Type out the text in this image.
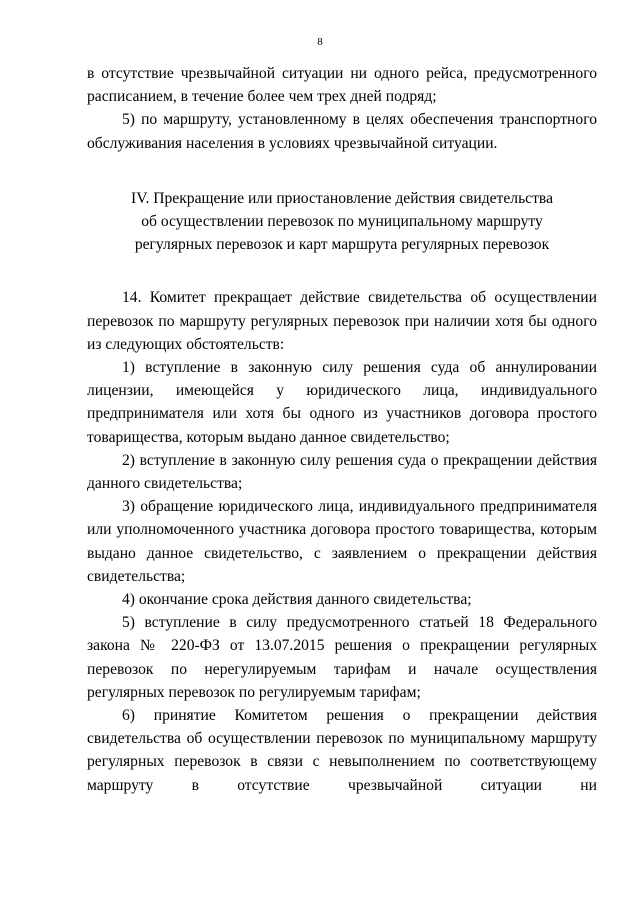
8

в отсутствие чрезвычайной ситуации ни одного рейса, предусмотренного

расписанием, в течение более чем трех дней подряд;

5) по маршруту, установленному в целях обеспечения транспортного обслуживания населения в условиях чрезвычайной ситуации.

IV. Прекращение или приостановление действия свидетельства

об осуществлении перевозок по муниципальному маршруту

регулярных перевозок и карт маршрута регулярных перевозок

14. Комитет прекращает действие свидетельства об осуществлении перевозок по маршруту регулярных перевозок при наличии хотя бы одного из следующих обстоятельств:

1) вступление в законную силу решения суда об аннулировании лицензии, имеющейся у юридического лица, индивидуального предпринимателя или хотя бы одного из участников договора простого товарищества, которым выдано данное свидетельство;

2) вступление в законную силу решения суда о прекращении действия данного свидетельства;

3) обращение юридического лица, индивидуального предпринимателя или уполномоченного участника договора простого товарищества, которым выдано данное свидетельство, с заявлением о прекращении действия свидетельства;

4) окончание срока действия данного свидетельства;

5) вступление в силу предусмотренного статьей 18 Федерального закона № 220-ФЗ от 13.07.2015 решения о прекращении регулярных перевозок по нерегулируемым тарифам и начале осуществления регулярных перевозок по регулируемым тарифам;

6) принятие Комитетом решения о прекращении действия свидетельства об осуществлении перевозок по муниципальному маршруту регулярных перевозок в связи с невыполнением по соответствующему маршруту в отсутствие чрезвычайной ситуации ни
